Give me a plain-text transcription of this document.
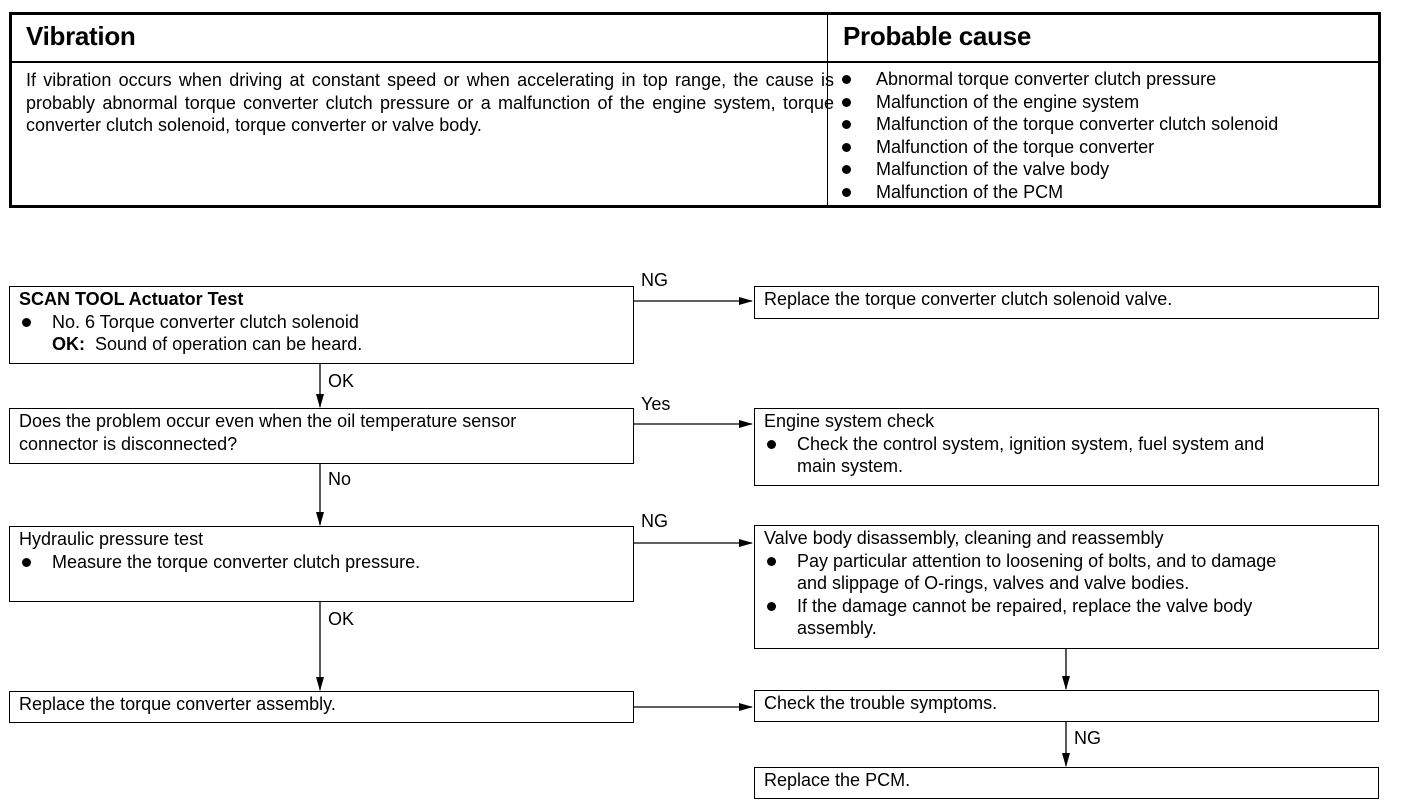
Vibration	Probable cause
If vibration occurs when driving at constant speed or when accelerating in top range, the cause is probably abnormal torque converter clutch pressure or a malfunction of the engine system, torque converter clutch solenoid, torque converter or valve body.
Abnormal torque converter clutch pressure
Malfunction of the engine system
Malfunction of the torque converter clutch solenoid
Malfunction of the torque converter
Malfunction of the valve body
Malfunction of the PCM
NG
OK
Yes
No
NG
OK
NG
SCAN TOOL Actuator Test
No. 6 Torque converter clutch solenoid
OK: Sound of operation can be heard.
Does the problem occur even when the oil temperature sensor
connector is disconnected?
Hydraulic pressure test
Measure the torque converter clutch pressure.
Replace the torque converter assembly.
Replace the torque converter clutch solenoid valve.
Engine system check
Check the control system, ignition system, fuel system and
main system.
Valve body disassembly, cleaning and reassembly
Pay particular attention to loosening of bolts, and to damage
and slippage of O-rings, valves and valve bodies.
If the damage cannot be repaired, replace the valve body
assembly.
Check the trouble symptoms.
Replace the PCM.
